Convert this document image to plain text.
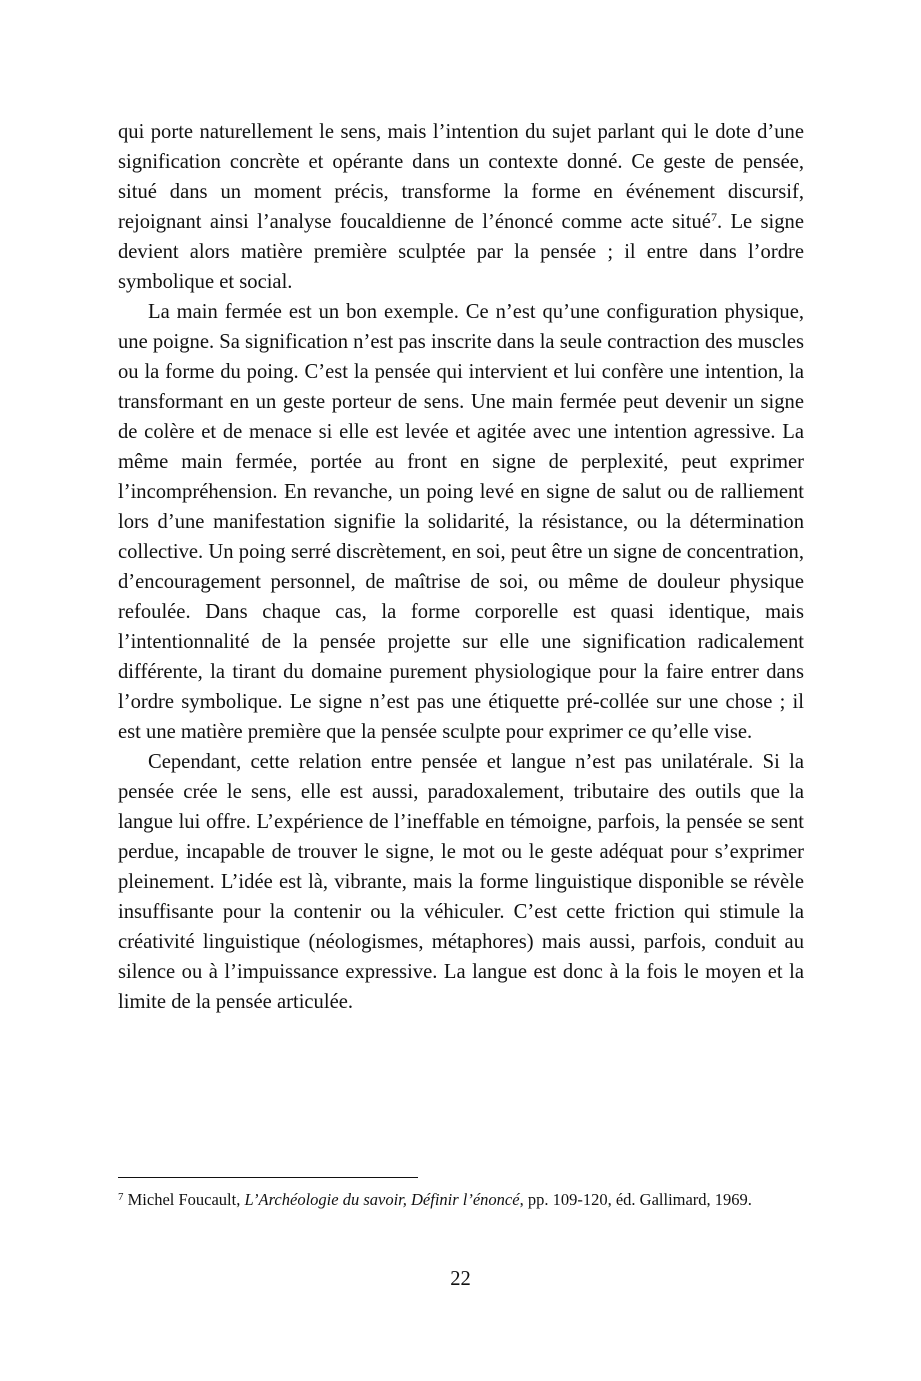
qui porte naturellement le sens, mais l’intention du sujet parlant qui le dote d’une signification concrète et opérante dans un contexte donné. Ce geste de pensée, situé dans un moment précis, transforme la forme en événement discursif, rejoignant ainsi l’analyse foucaldienne de l’énoncé comme acte situé$^7$. Le signe devient alors matière première sculptée par la pensée ; il entre dans l’ordre symbolique et social.

La main fermée est un bon exemple. Ce n’est qu’une configuration physique, une poigne. Sa signification n’est pas inscrite dans la seule contraction des muscles ou la forme du poing. C’est la pensée qui intervient et lui confère une intention, la transformant en un geste porteur de sens. Une main fermée peut devenir un signe de colère et de menace si elle est levée et agitée avec une intention agressive. La même main fermée, portée au front en signe de perplexité, peut exprimer l’incompréhension. En revanche, un poing levé en signe de salut ou de ralliement lors d’une manifestation signifie la solidarité, la résistance, ou la détermination collective. Un poing serré discrètement, en soi, peut être un signe de concentration, d’encouragement personnel, de maîtrise de soi, ou même de douleur physique refoulée. Dans chaque cas, la forme corporelle est quasi identique, mais l’intentionnalité de la pensée projette sur elle une signification radicalement différente, la tirant du domaine purement physiologique pour la faire entrer dans l’ordre symbolique. Le signe n’est pas une étiquette pré-collée sur une chose ; il est une matière première que la pensée sculpte pour exprimer ce qu’elle vise.

Cependant, cette relation entre pensée et langue n’est pas unilatérale. Si la pensée crée le sens, elle est aussi, paradoxalement, tributaire des outils que la langue lui offre. L’expérience de l’ineffable en témoigne, parfois, la pensée se sent perdue, incapable de trouver le signe, le mot ou le geste adéquat pour s’exprimer pleinement. L’idée est là, vibrante, mais la forme linguistique disponible se révèle insuffisante pour la contenir ou la véhiculer. C’est cette friction qui stimule la créativité linguistique (néologismes, métaphores) mais aussi, parfois, conduit au silence ou à l’impuissance expressive. La langue est donc à la fois le moyen et la limite de la pensée articulée.

$^7$ Michel Foucault, L’Archéologie du savoir, Définir l’énoncé, pp. 109-120, éd. Gallimard, 1969.
22
